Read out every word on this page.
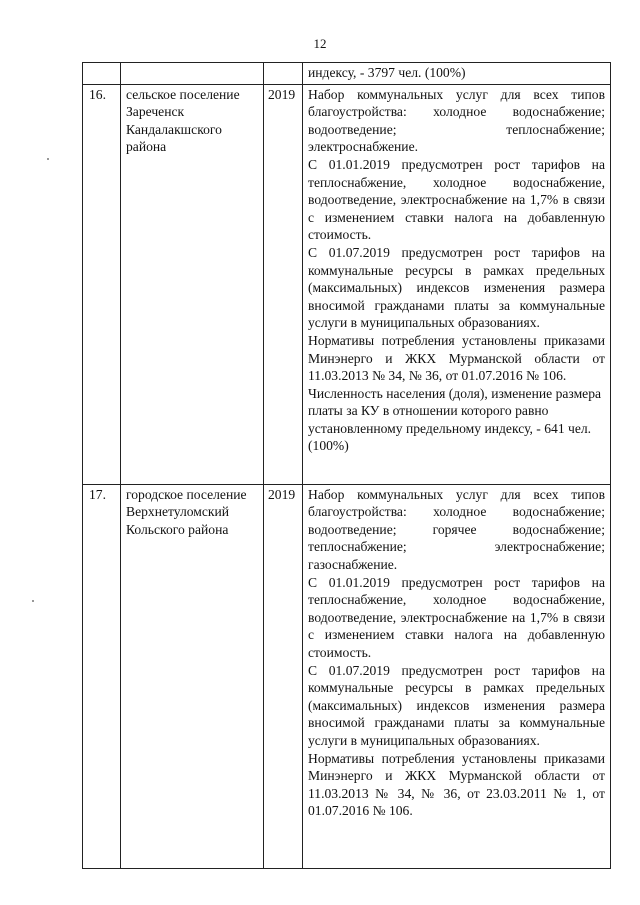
12

			индексу, - 3797 чел. (100%)

16.	сельское поселение Зареченск Кандалакшского района	2019	Набор коммунальных услуг для всех типов благоустройства: холодное водоснабжение; водоотведение; теплоснабжение; электроснабжение.

С 01.01.2019 предусмотрен рост тарифов на теплоснабжение, холодное водоснабжение, водоотведение, электроснабжение на 1,7% в связи с изменением ставки налога на добавленную стоимость.

С 01.07.2019 предусмотрен рост тарифов на коммунальные ресурсы в рамках предельных (максимальных) индексов изменения размера вносимой гражданами платы за коммунальные услуги в муниципальных образованиях.

Нормативы потребления установлены приказами Минэнерго и ЖКХ Мурманской области от 11.03.2013 № 34, № 36, от 01.07.2016 № 106.

Численность населения (доля), изменение размера платы за КУ в отношении которого равно установленному предельному индексу, - 641 чел. (100%)

17.	городское поселение Верхнетуломский Кольского района	2019	Набор коммунальных услуг для всех типов благоустройства: холодное водоснабжение; водоотведение; горячее водоснабжение; теплоснабжение; электроснабжение; газоснабжение.

С 01.01.2019 предусмотрен рост тарифов на теплоснабжение, холодное водоснабжение, водоотведение, электроснабжение на 1,7% в связи с изменением ставки налога на добавленную стоимость.

С 01.07.2019 предусмотрен рост тарифов на коммунальные ресурсы в рамках предельных (максимальных) индексов изменения размера вносимой гражданами платы за коммунальные услуги в муниципальных образованиях.

Нормативы потребления установлены приказами Минэнерго и ЖКХ Мурманской области от 11.03.2013 № 34, № 36, от 23.03.2011 № 1, от 01.07.2016 № 106.
